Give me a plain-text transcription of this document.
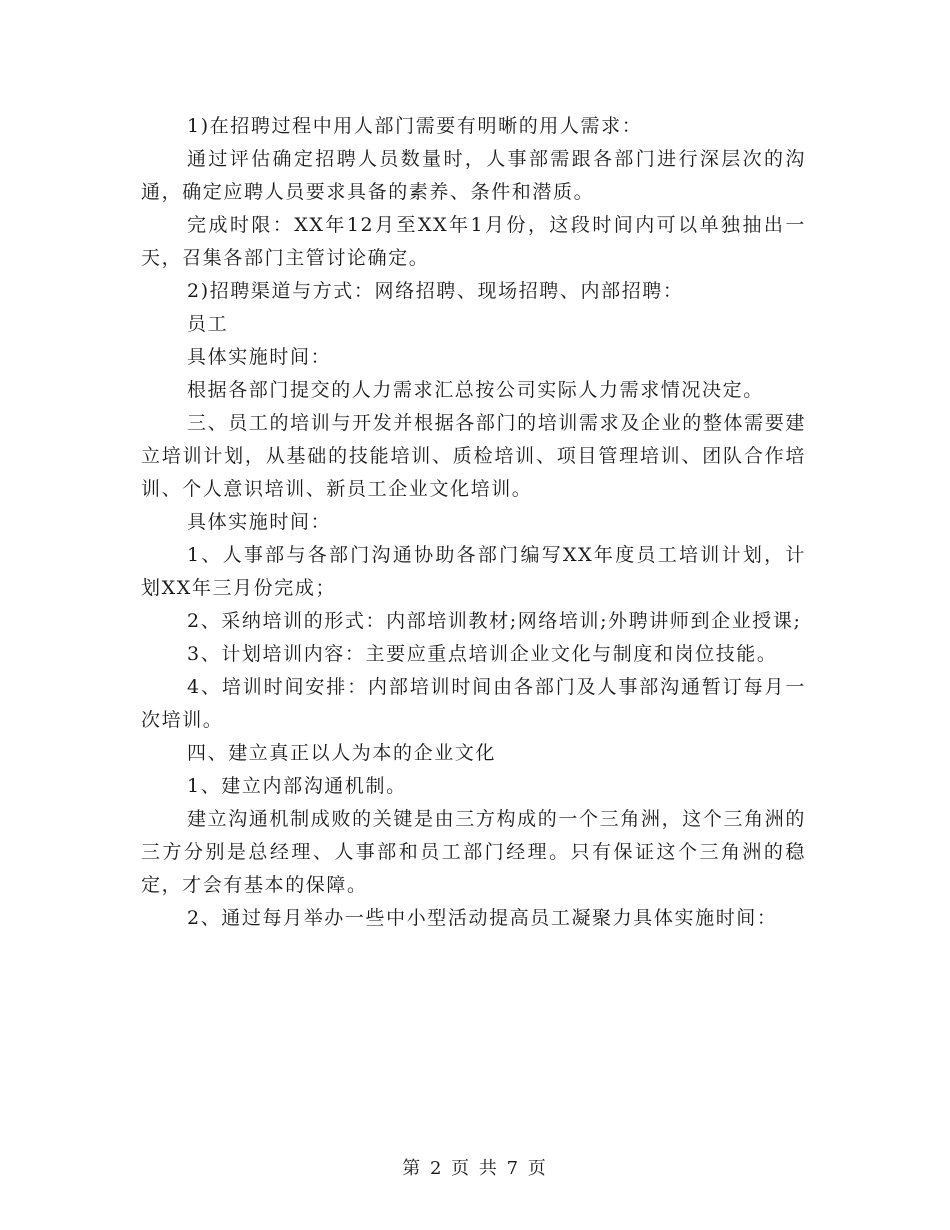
1)在招聘过程中用人部门需要有明晰的用人需求：

通过评估确定招聘人员数量时，人事部需跟各部门进行深层次的沟通，确定应聘人员要求具备的素养、条件和潜质。

完成时限：XX年12月至XX年1月份，这段时间内可以单独抽出一天，召集各部门主管讨论确定。

2)招聘渠道与方式：网络招聘、现场招聘、内部招聘：

员工

具体实施时间：

根据各部门提交的人力需求汇总按公司实际人力需求情况决定。

三、员工的培训与开发并根据各部门的培训需求及企业的整体需要建立培训计划，从基础的技能培训、质检培训、项目管理培训、团队合作培训、个人意识培训、新员工企业文化培训。

具体实施时间：

1、人事部与各部门沟通协助各部门编写XX年度员工培训计划，计划XX年三月份完成；

2、采纳培训的形式：内部培训教材;网络培训;外聘讲师到企业授课;

3、计划培训内容：主要应重点培训企业文化与制度和岗位技能。

4、培训时间安排：内部培训时间由各部门及人事部沟通暂订每月一次培训。

四、建立真正以人为本的企业文化

1、建立内部沟通机制。

建立沟通机制成败的关键是由三方构成的一个三角洲，这个三角洲的三方分别是总经理、人事部和员工部门经理。只有保证这个三角洲的稳定，才会有基本的保障。

2、通过每月举办一些中小型活动提高员工凝聚力具体实施时间：

第 2 页 共 7 页
